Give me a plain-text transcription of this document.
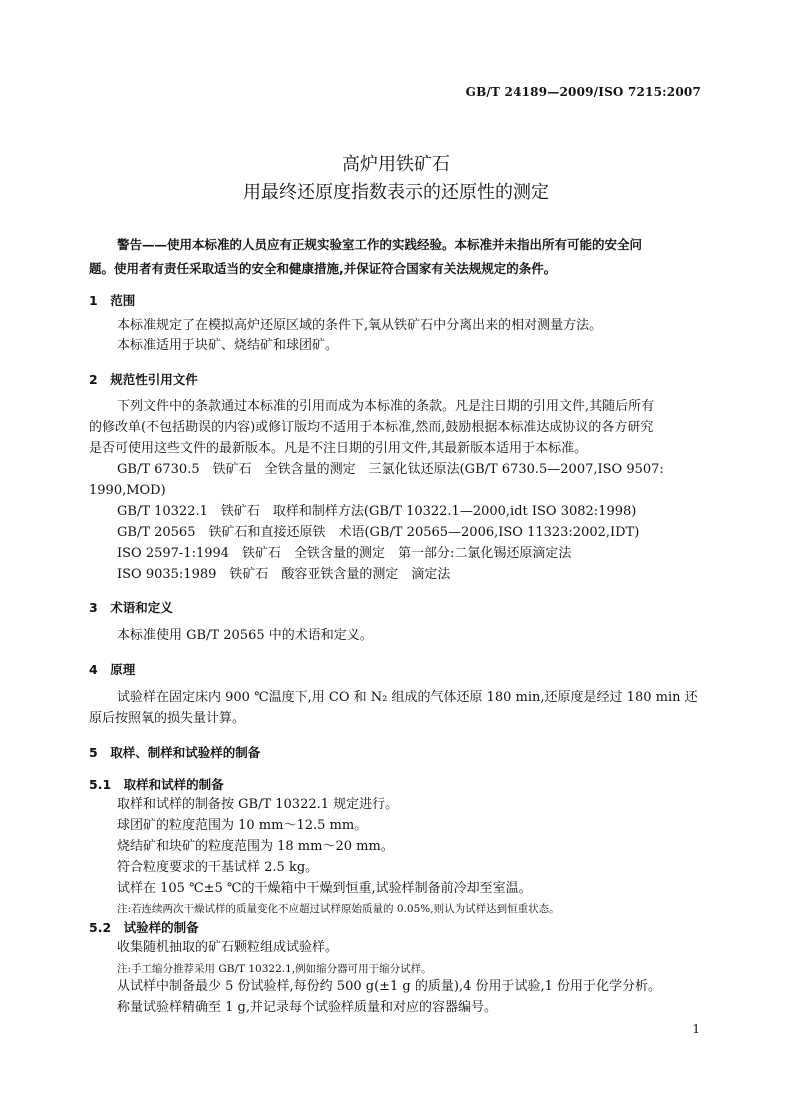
GB/T 24189—2009/ISO 7215:2007
高炉用铁矿石
用最终还原度指数表示的还原性的测定
警告——使用本标准的人员应有正规实验室工作的实践经验。本标准并未指出所有可能的安全问
题。使用者有责任采取适当的安全和健康措施,并保证符合国家有关法规规定的条件。
1　范围
本标准规定了在模拟高炉还原区域的条件下,氧从铁矿石中分离出来的相对测量方法。
本标准适用于块矿、烧结矿和球团矿。
2　规范性引用文件
下列文件中的条款通过本标准的引用而成为本标准的条款。凡是注日期的引用文件,其随后所有
的修改单(不包括勘误的内容)或修订版均不适用于本标准,然而,鼓励根据本标准达成协议的各方研究
是否可使用这些文件的最新版本。凡是不注日期的引用文件,其最新版本适用于本标准。
GB/T 6730.5　铁矿石　全铁含量的测定　三氯化钛还原法(GB/T 6730.5—2007,ISO 9507:
1990,MOD)
GB/T 10322.1　铁矿石　取样和制样方法(GB/T 10322.1—2000,idt ISO 3082:1998)
GB/T 20565　铁矿石和直接还原铁　术语(GB/T 20565—2006,ISO 11323:2002,IDT)
ISO 2597-1:1994　铁矿石　全铁含量的测定　第一部分:二氯化锡还原滴定法
ISO 9035:1989　铁矿石　酸容亚铁含量的测定　滴定法
3　术语和定义
本标准使用 GB/T 20565 中的术语和定义。
4　原理
试验样在固定床内 900 ℃温度下,用 CO 和 N₂ 组成的气体还原 180 min,还原度是经过 180 min 还
原后按照氧的损失量计算。
5　取样、制样和试验样的制备
5.1　取样和试样的制备
取样和试样的制备按 GB/T 10322.1 规定进行。
球团矿的粒度范围为 10 mm～12.5 mm。
烧结矿和块矿的粒度范围为 18 mm～20 mm。
符合粒度要求的干基试样 2.5 kg。
试样在 105 ℃±5 ℃的干燥箱中干燥到恒重,试验样制备前冷却至室温。
注:若连续两次干燥试样的质量变化不应超过试样原始质量的 0.05%,则认为试样达到恒重状态。
5.2　试验样的制备
收集随机抽取的矿石颗粒组成试验样。
注:手工缩分推荐采用 GB/T 10322.1,例如缩分器可用于缩分试样。
从试样中制备最少 5 份试验样,每份约 500 g(±1 g 的质量),4 份用于试验,1 份用于化学分析。
称量试验样精确至 1 g,并记录每个试验样质量和对应的容器编号。
1
